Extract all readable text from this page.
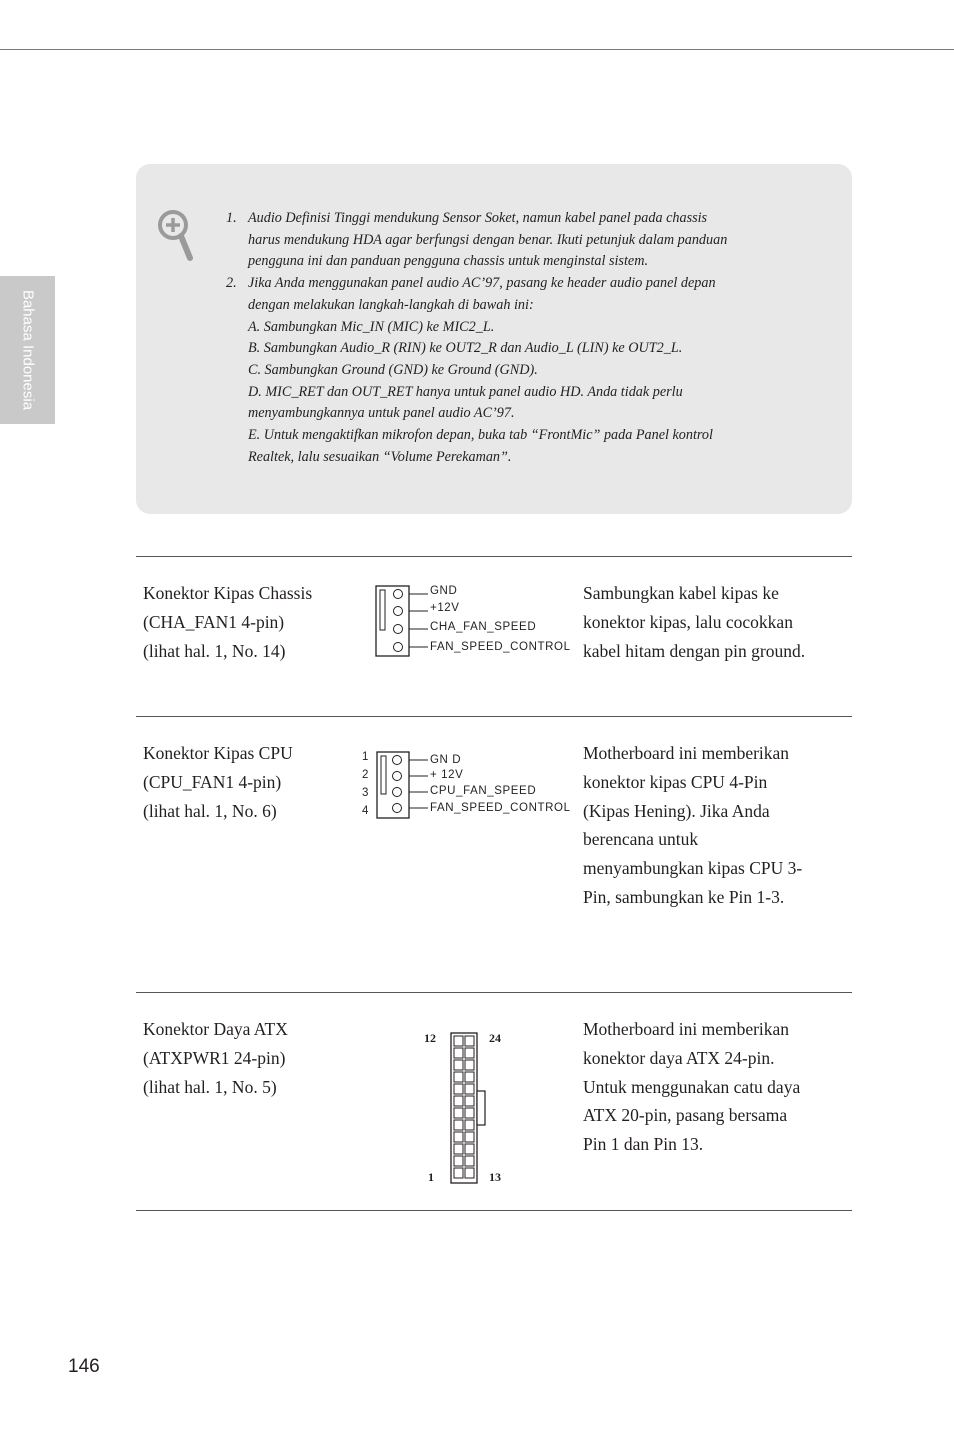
Bahasa Indonesia
1. Audio Definisi Tinggi mendukung Sensor Soket, namun kabel panel pada chassis
harus mendukung HDA agar berfungsi dengan benar. Ikuti petunjuk dalam panduan
pengguna ini dan panduan pengguna chassis untuk menginstal sistem.
2. Jika Anda menggunakan panel audio AC’97, pasang ke header audio panel depan
dengan melakukan langkah-langkah di bawah ini:
A. Sambungkan Mic_IN (MIC) ke MIC2_L.
B. Sambungkan Audio_R (RIN) ke OUT2_R dan Audio_L (LIN) ke OUT2_L.
C. Sambungkan Ground (GND) ke Ground (GND).
D. MIC_RET dan OUT_RET hanya untuk panel audio HD. Anda tidak perlu
menyambungkannya untuk panel audio AC’97.
E. Untuk mengaktifkan mikrofon depan, buka tab “FrontMic” pada Panel kontrol
Realtek, lalu sesuaikan “Volume Perekaman”.
Konektor Kipas Chassis
(CHA_FAN1 4-pin)
(lihat hal. 1, No. 14)
GND
+12V
CHA_FAN_SPEED
FAN_SPEED_CONTROL
Sambungkan kabel kipas ke konektor kipas, lalu cocokkan kabel hitam dengan pin ground.
Konektor Kipas CPU
(CPU_FAN1 4-pin)
(lihat hal. 1, No. 6)
1
2
3
4
GN D
+ 12V
CPU_FAN_SPEED
FAN_SPEED_CONTROL
Motherboard ini memberikan konektor kipas CPU 4-Pin (Kipas Hening). Jika Anda berencana untuk menyambungkan kipas CPU 3-Pin, sambungkan ke Pin 1-3.
Konektor Daya ATX
(ATXPWR1 24-pin)
(lihat hal. 1, No. 5)
12	24
1	13
Motherboard ini memberikan konektor daya ATX 24-pin. Untuk menggunakan catu daya ATX 20-pin, pasang bersama Pin 1 dan Pin 13.
146
